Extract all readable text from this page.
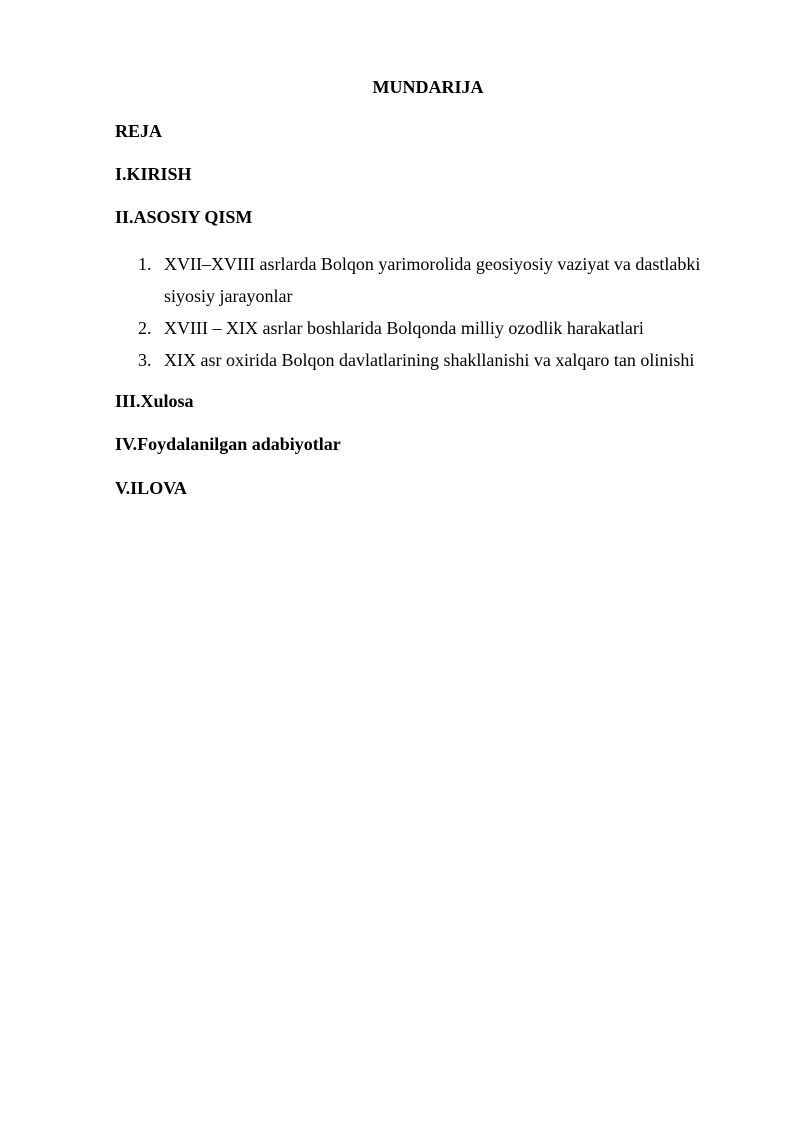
MUNDARIJA
REJA
I.KIRISH
II.ASOSIY QISM
1. XVII–XVIII asrlarda Bolqon yarimorolida geosiyosiy vaziyat va dastlabki siyosiy jarayonlar
2. XVIII – XIX asrlar boshlarida Bolqonda milliy ozodlik harakatlari
3. XIX asr oxirida Bolqon davlatlarining shakllanishi va xalqaro tan olinishi
III.Xulosa
IV.Foydalanilgan adabiyotlar
V.ILOVA
